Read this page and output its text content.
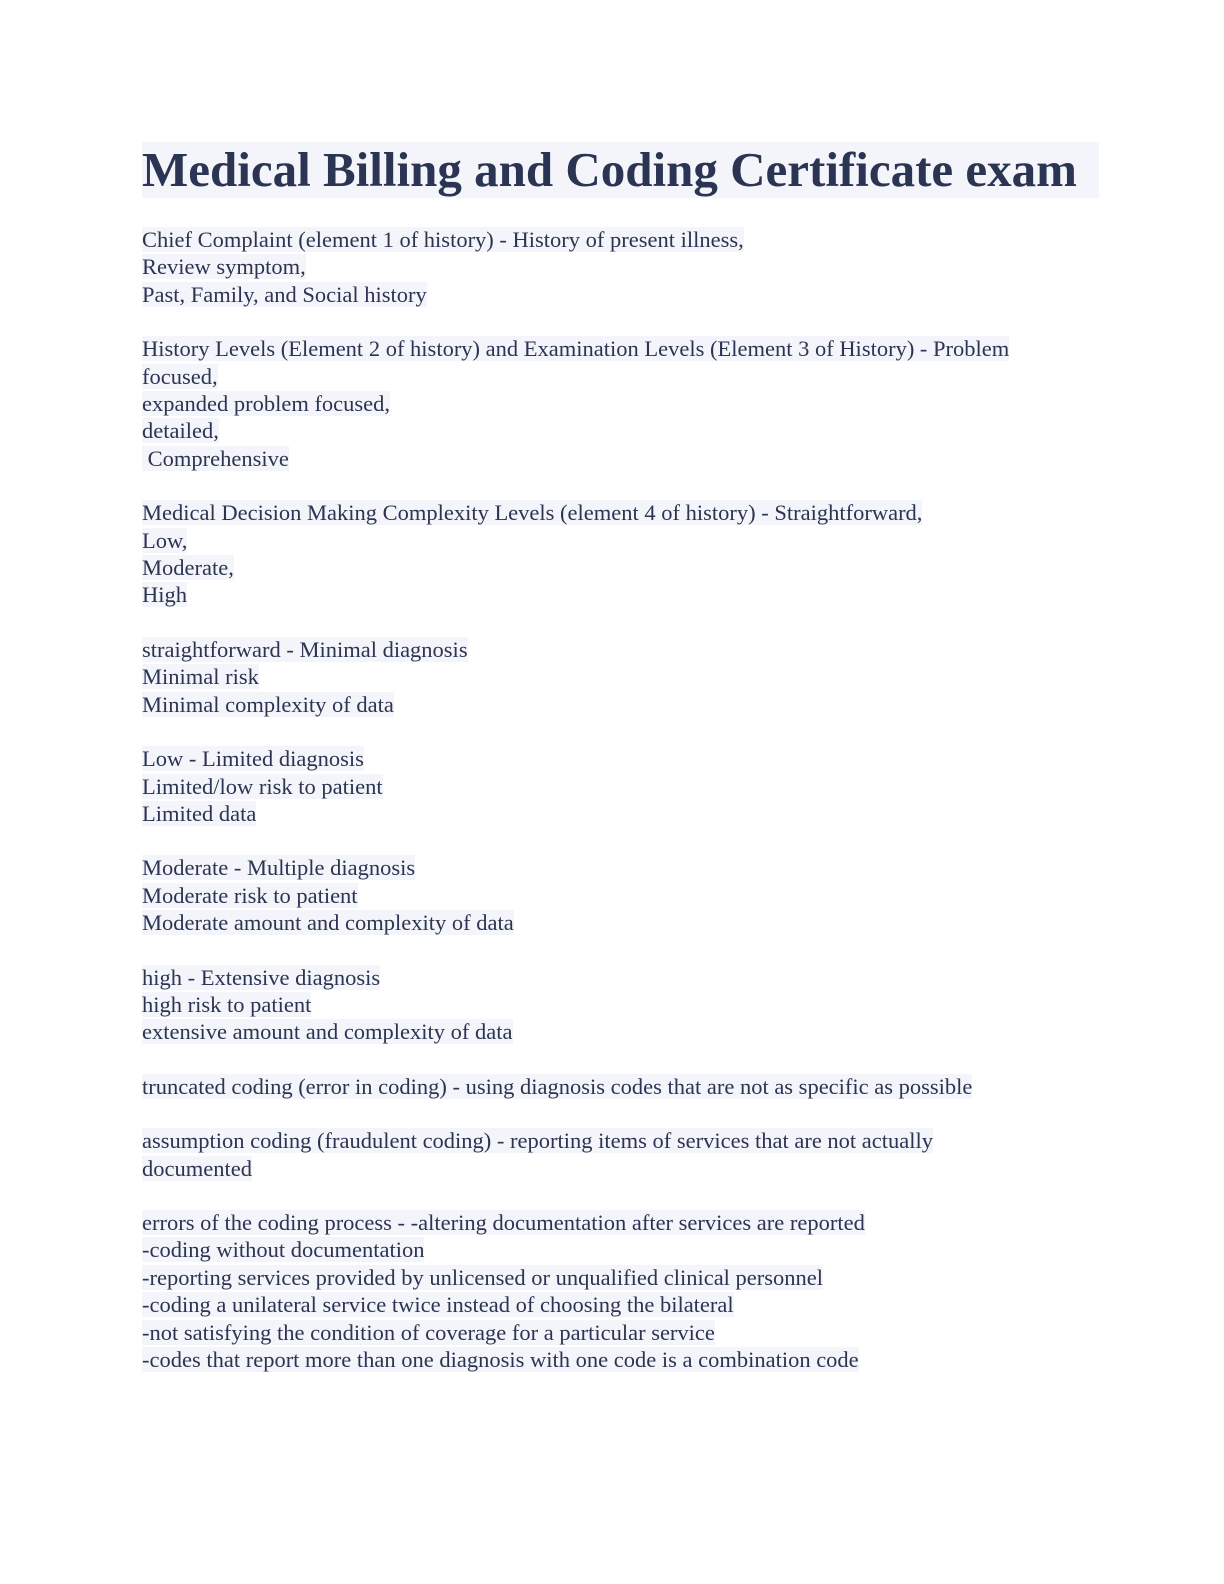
Medical Billing and Coding Certificate exam
Chief Complaint (element 1 of history) - History of present illness,
Review symptom,
Past, Family, and Social history
History Levels (Element 2 of history) and Examination Levels (Element 3 of History) - Problem
focused,
expanded problem focused,
detailed,
Comprehensive
Medical Decision Making Complexity Levels (element 4 of history) - Straightforward,
Low,
Moderate,
High
straightforward - Minimal diagnosis
Minimal risk
Minimal complexity of data
Low - Limited diagnosis
Limited/low risk to patient
Limited data
Moderate - Multiple diagnosis
Moderate risk to patient
Moderate amount and complexity of data
high - Extensive diagnosis
high risk to patient
extensive amount and complexity of data
truncated coding (error in coding) - using diagnosis codes that are not as specific as possible
assumption coding (fraudulent coding) - reporting items of services that are not actually
documented
errors of the coding process - -altering documentation after services are reported
-coding without documentation
-reporting services provided by unlicensed or unqualified clinical personnel
-coding a unilateral service twice instead of choosing the bilateral
-not satisfying the condition of coverage for a particular service
-codes that report more than one diagnosis with one code is a combination code
